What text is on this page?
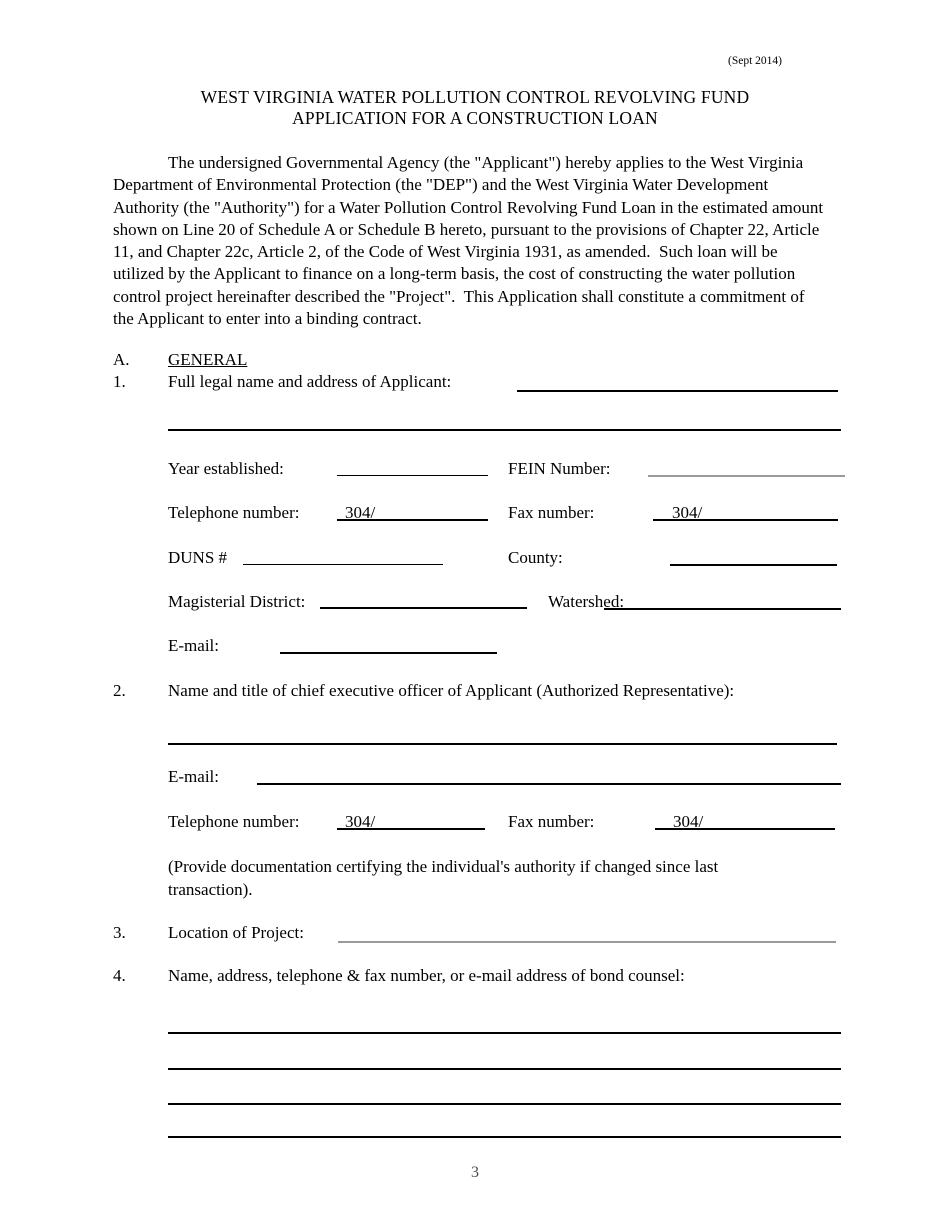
(Sept 2014)
WEST VIRGINIA WATER POLLUTION CONTROL REVOLVING FUND
APPLICATION FOR A CONSTRUCTION LOAN
The undersigned Governmental Agency (the "Applicant") hereby applies to the West Virginia
Department of Environmental Protection (the "DEP") and the West Virginia Water Development
Authority (the "Authority") for a Water Pollution Control Revolving Fund Loan in the estimated amount
shown on Line 20 of Schedule A or Schedule B hereto, pursuant to the provisions of Chapter 22, Article
11, and Chapter 22c, Article 2, of the Code of West Virginia 1931, as amended.  Such loan will be
utilized by the Applicant to finance on a long-term basis, the cost of constructing the water pollution
control project hereinafter described the "Project".  This Application shall constitute a commitment of
the Applicant to enter into a binding contract.
A. GENERAL
1. Full legal name and address of Applicant:
Year established:	FEIN Number:
Telephone number:	304/	Fax number:	304/
DUNS #	County:
Magisterial District:	Watershed:
E-mail:
2. Name and title of chief executive officer of Applicant (Authorized Representative):
E-mail:
Telephone number:	304/	Fax number:	304/
(Provide documentation certifying the individual's authority if changed since last
transaction).
3. Location of Project:
4. Name, address, telephone & fax number, or e-mail address of bond counsel:
3
